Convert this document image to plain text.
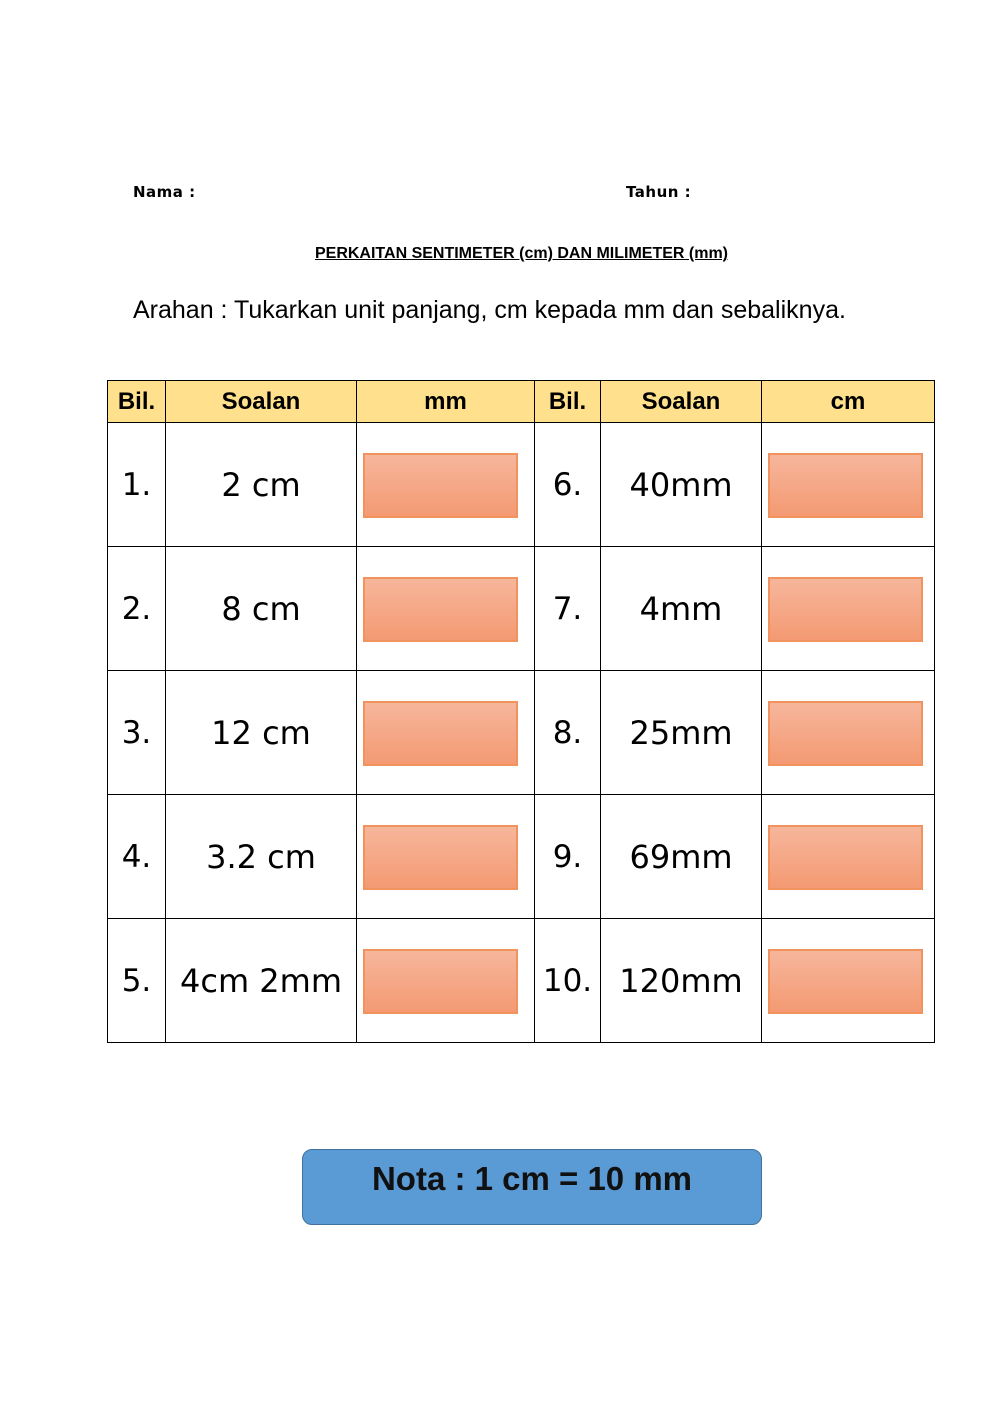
Nama :	Tahun :
PERKAITAN SENTIMETER (cm) DAN MILIMETER (mm)
Arahan : Tukarkan unit panjang, cm kepada mm dan sebaliknya.
Bil.	Soalan	mm	Bil.	Soalan	cm
1.	2 cm		6.	40mm	

2.	8 cm		7.	4mm	

3.	12 cm		8.	25mm	

4.	3.2 cm		9.	69mm	

5.	4cm 2mm		10.	120mm	
Nota : 1 cm = 10 mm
